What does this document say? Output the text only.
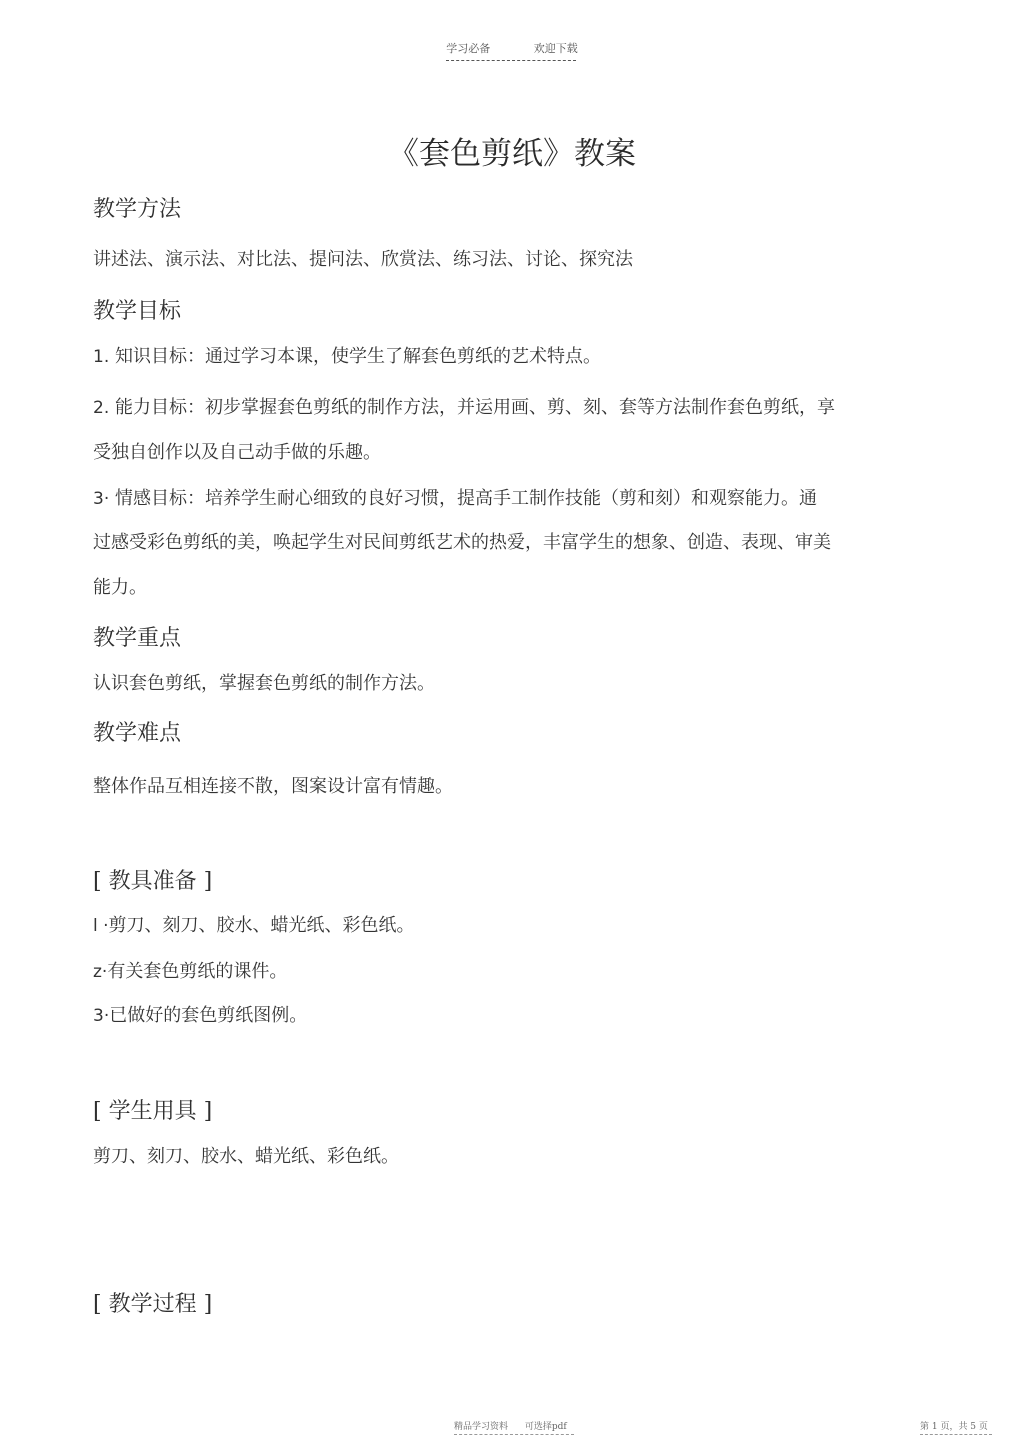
学习必备	欢迎下载
《套色剪纸》教案
教学方法
讲述法、演示法、对比法、提问法、欣赏法、练习法、讨论、探究法
教学目标
1. 知识目标：通过学习本课，使学生了解套色剪纸的艺术特点。
2. 能力目标：初步掌握套色剪纸的制作方法，并运用画、剪、刻、套等方法制作套色剪纸，享
受独自创作以及自己动手做的乐趣。
3· 情感目标：培养学生耐心细致的良好习惯，提高手工制作技能（剪和刻）和观察能力。通
过感受彩色剪纸的美，唤起学生对民间剪纸艺术的热爱，丰富学生的想象、创造、表现、审美
能力。
教学重点
认识套色剪纸，掌握套色剪纸的制作方法。
教学难点
整体作品互相连接不散，图案设计富有情趣。
[ 教具准备 ]
l ·剪刀、刻刀、胶水、蜡光纸、彩色纸。
z·有关套色剪纸的课件。
3·已做好的套色剪纸图例。
[ 学生用具 ]
剪刀、刻刀、胶水、蜡光纸、彩色纸。
[ 教学过程 ]
精品学习资料 可选择pdf	第 1 页，共 5 页
